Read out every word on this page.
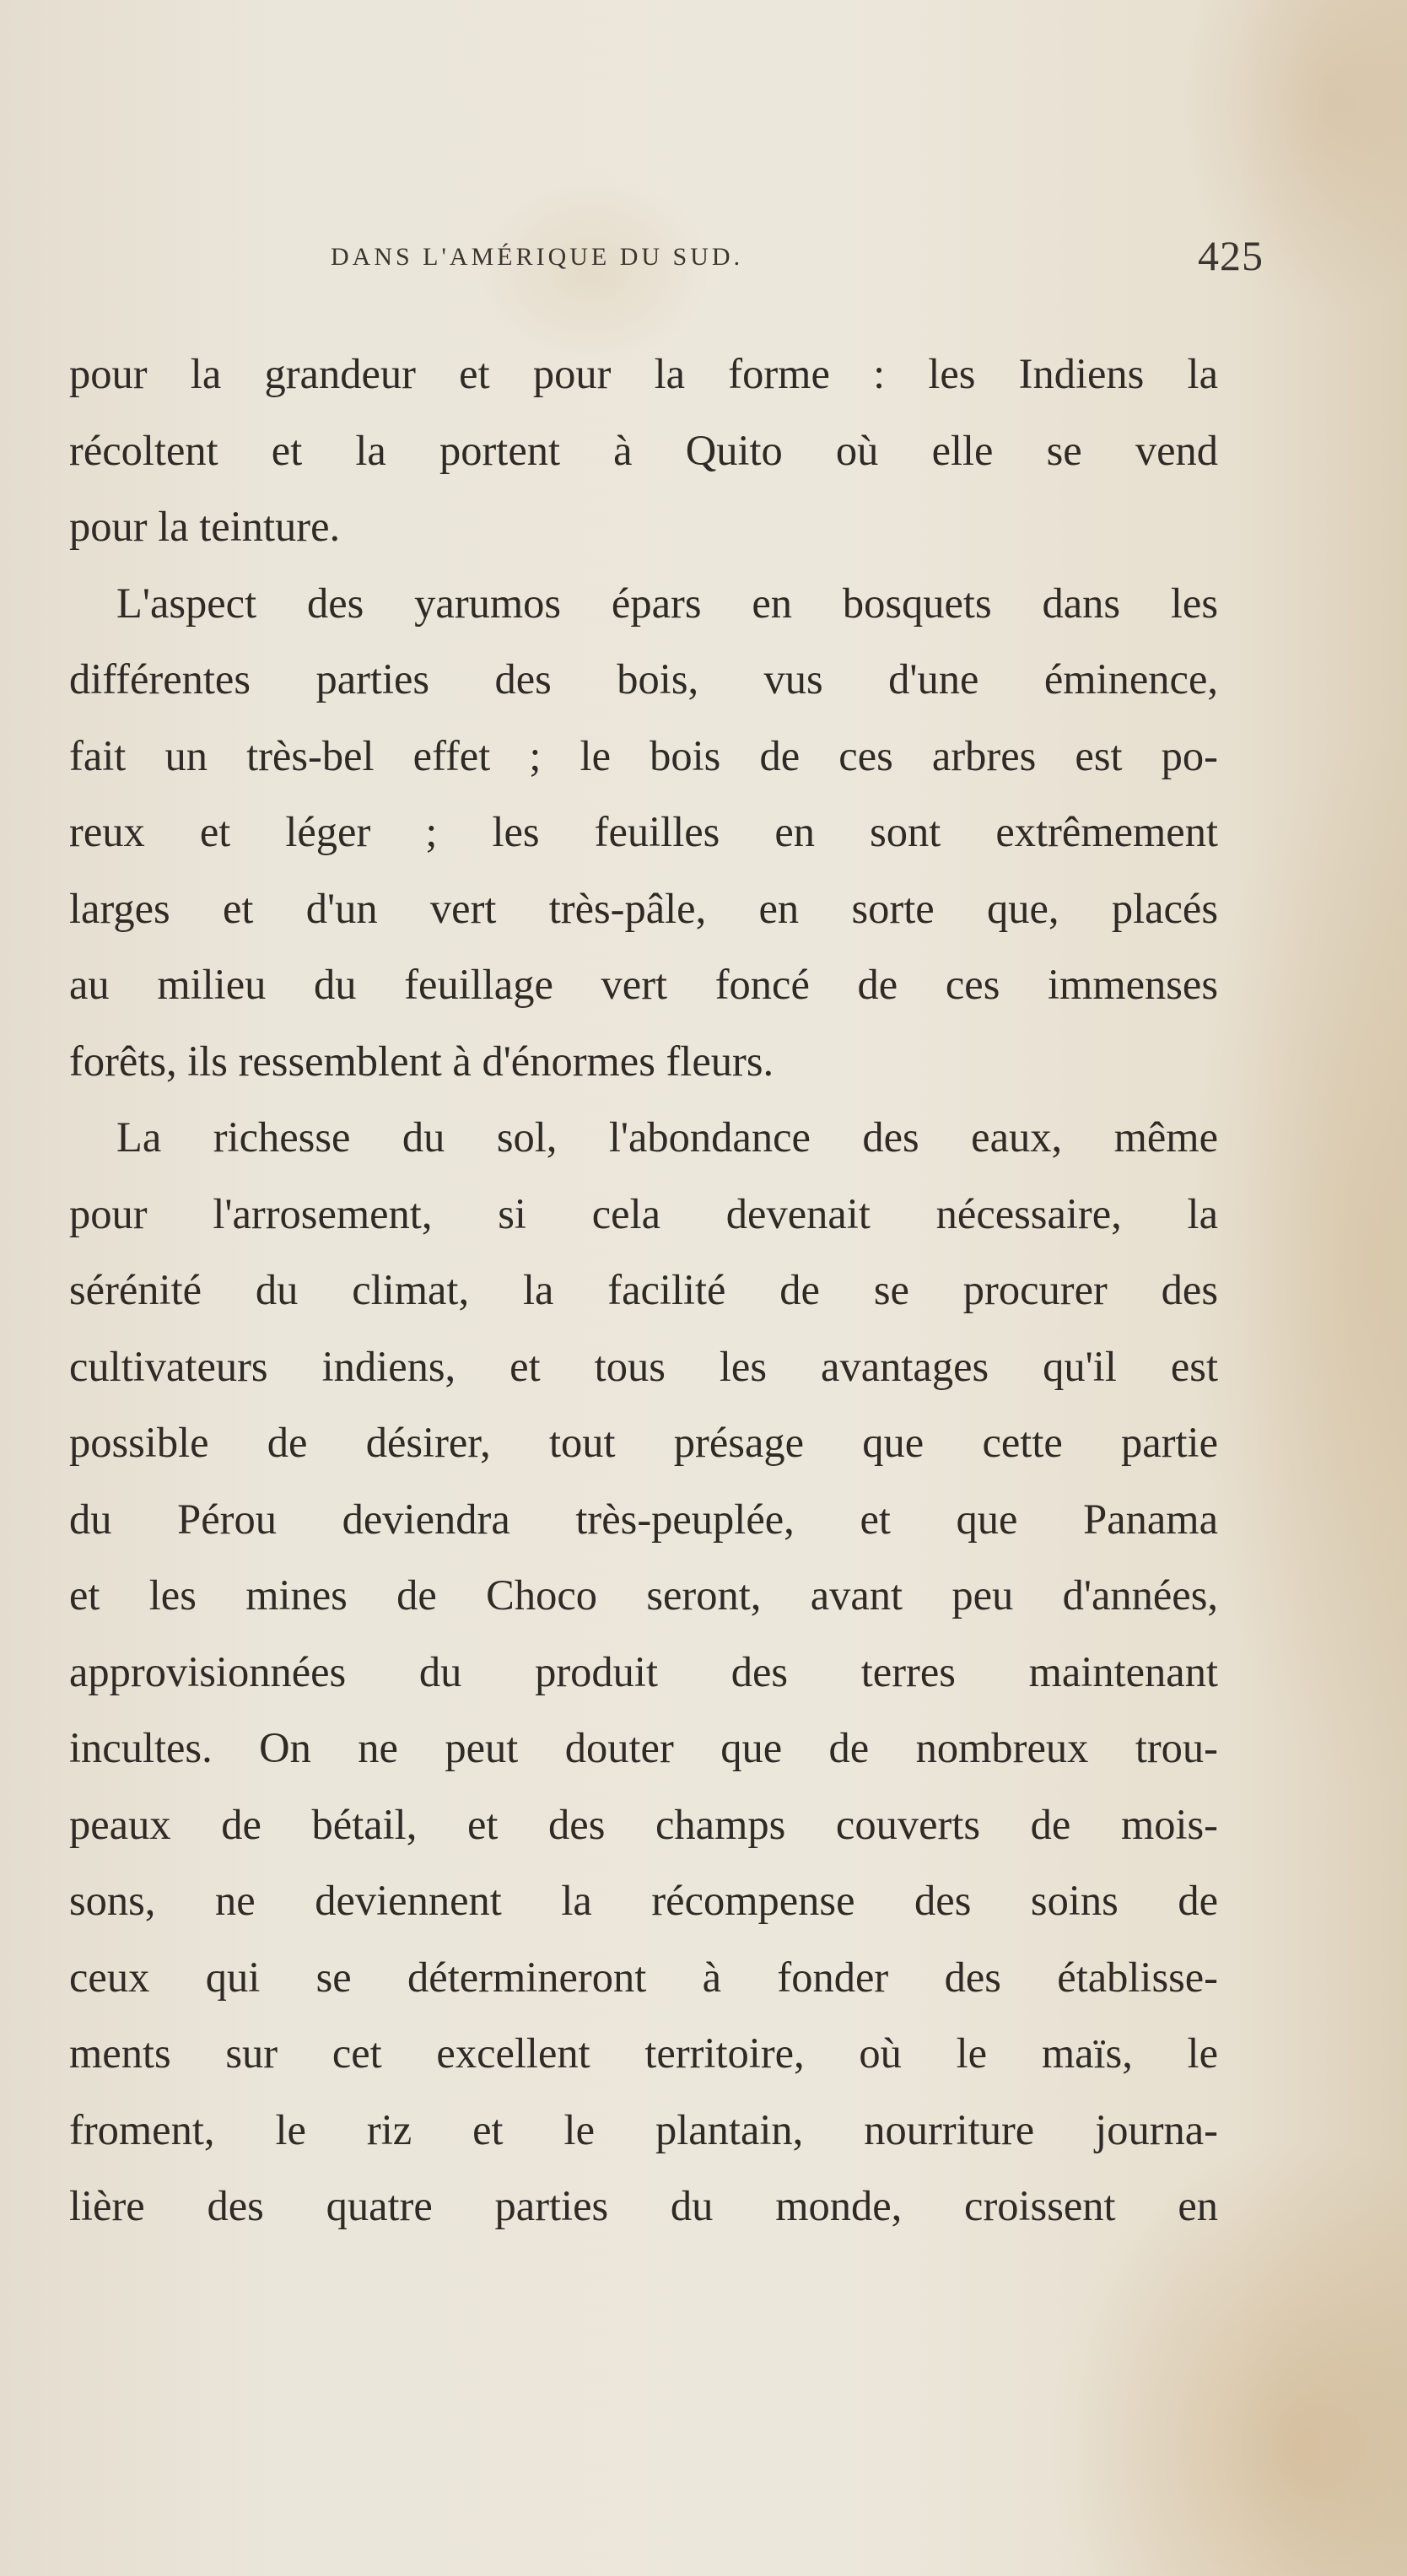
DANS L'AMÉRIQUE DU SUD.	425
pour la grandeur et pour la forme : les Indiens la
récoltent et la portent à Quito où elle se vend
pour la teinture.
L'aspect des yarumos épars en bosquets dans les
différentes parties des bois, vus d'une éminence,
fait un très-bel effet ; le bois de ces arbres est po-
reux et léger ; les feuilles en sont extrêmement
larges et d'un vert très-pâle, en sorte que, placés
au milieu du feuillage vert foncé de ces immenses
forêts, ils ressemblent à d'énormes fleurs.
La richesse du sol, l'abondance des eaux, même
pour l'arrosement, si cela devenait nécessaire, la
sérénité du climat, la facilité de se procurer des
cultivateurs indiens, et tous les avantages qu'il est
possible de désirer, tout présage que cette partie
du Pérou deviendra très-peuplée, et que Panama
et les mines de Choco seront, avant peu d'années,
approvisionnées du produit des terres maintenant
incultes. On ne peut douter que de nombreux trou-
peaux de bétail, et des champs couverts de mois-
sons, ne deviennent la récompense des soins de
ceux qui se détermineront à fonder des établisse-
ments sur cet excellent territoire, où le maïs, le
froment, le riz et le plantain, nourriture journa-
lière des quatre parties du monde, croissent en
